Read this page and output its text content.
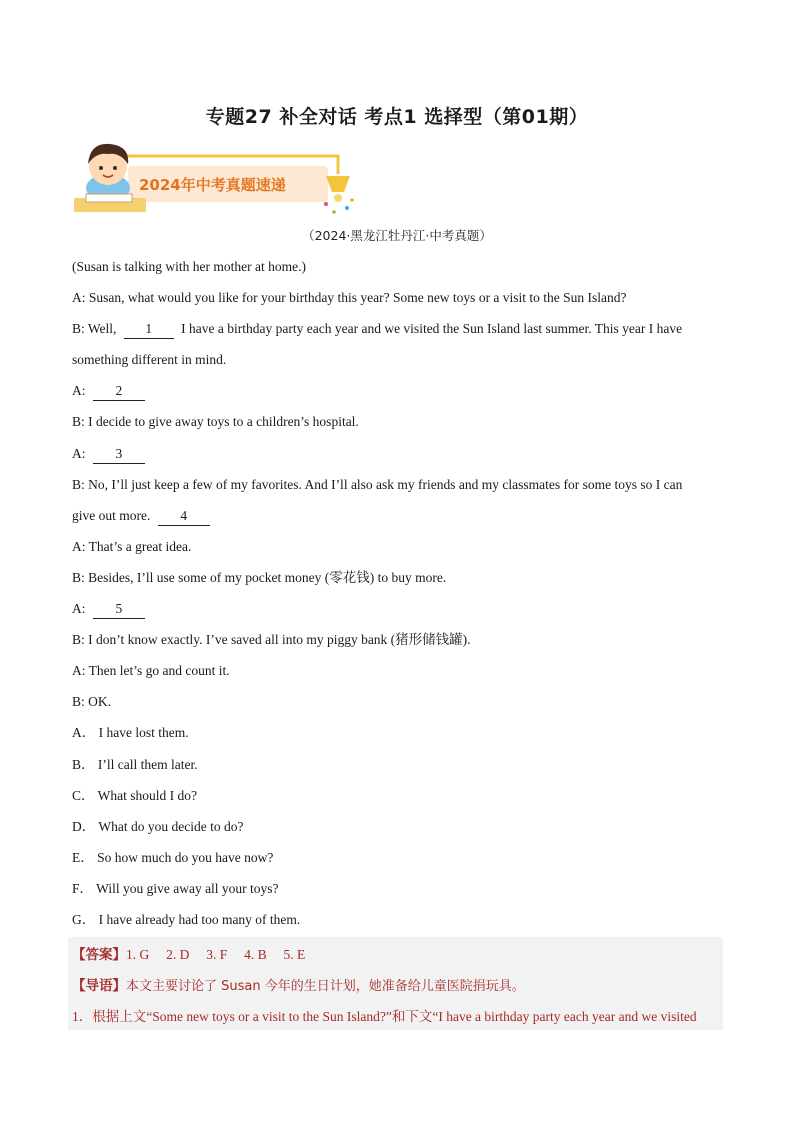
专题27 补全对话 考点1 选择型（第01期）
2024年中考真题速递
（2024·黑龙江牡丹江·中考真题）
(Susan is talking with her mother at home.)
A: Susan, what would you like for your birthday this year? Some new toys or a visit to the Sun Island?
B: Well, 1 I have a birthday party each year and we visited the Sun Island last summer. This year I have
something different in mind.
A: 2
B: I decide to give away toys to a children’s hospital.
A: 3
B: No, I’ll just keep a few of my favorites. And I’ll also ask my friends and my classmates for some toys so I can
give out more. 4
A: That’s a great idea.
B: Besides, I’ll use some of my pocket money (零花钱) to buy more.
A: 5
B: I don’t know exactly. I’ve saved all into my piggy bank (猪形储钱罐).
A: Then let’s go and count it.
B: OK.
A． I have lost them.
B． I’ll call them later.
C． What should I do?
D． What do you decide to do?
E． So how much do you have now?
F． Will you give away all your toys?
G． I have already had too many of them.
【答案】1. G     2. D     3. F     4. B     5. E
【导语】本文主要讨论了 Susan 今年的生日计划，她准备给儿童医院捐玩具。
1．根据上文“Some new toys or a visit to the Sun Island?”和下文“I have a birthday party each year and we visited
